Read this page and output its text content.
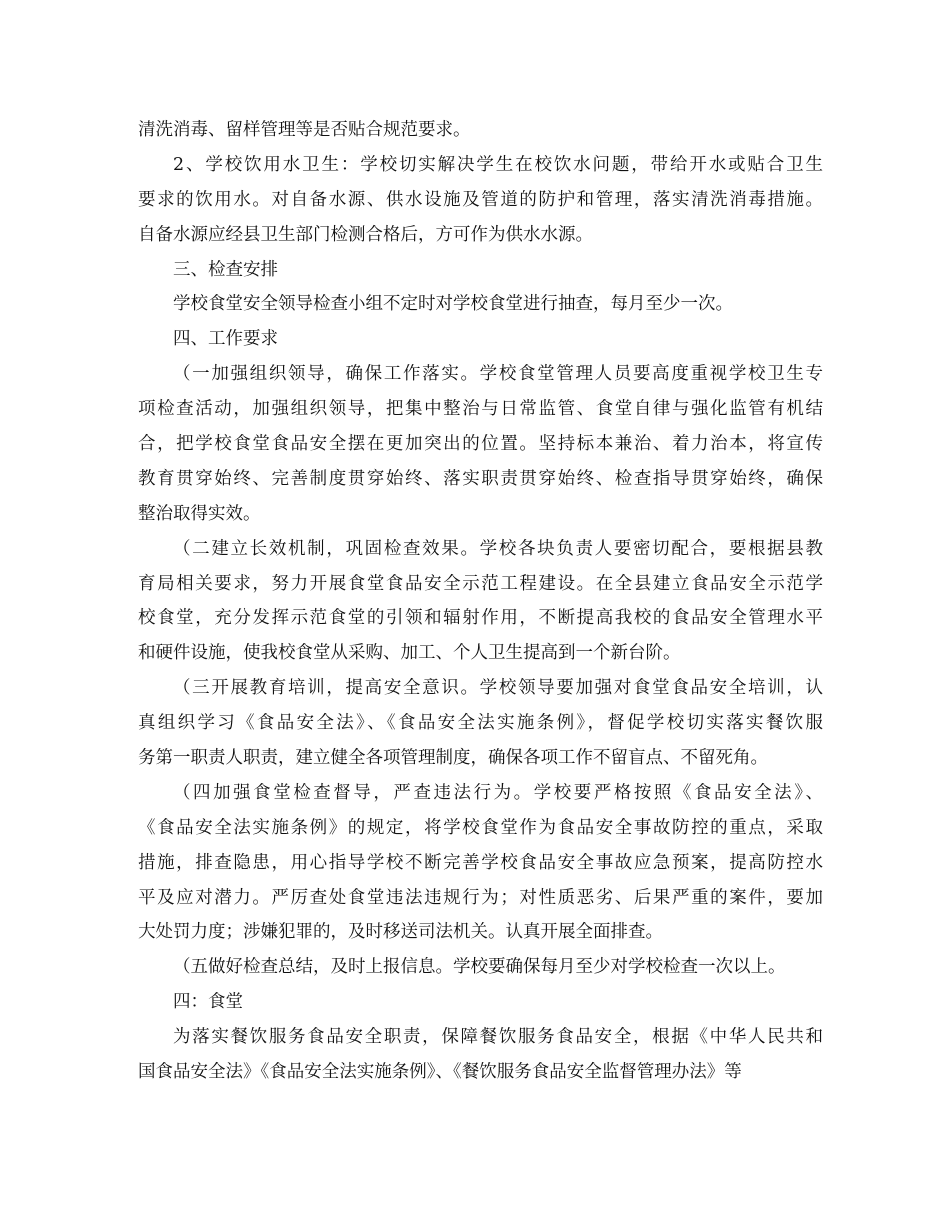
清洗消毒、留样管理等是否贴合规范要求。

2、学校饮用水卫生：学校切实解决学生在校饮水问题，带给开水或贴合卫生
要求的饮用水。对自备水源、供水设施及管道的防护和管理，落实清洗消毒措施。
自备水源应经县卫生部门检测合格后，方可作为供水水源。

三、检查安排

学校食堂安全领导检查小组不定时对学校食堂进行抽查，每月至少一次。

四、工作要求

（一加强组织领导，确保工作落实。学校食堂管理人员要高度重视学校卫生专
项检查活动，加强组织领导，把集中整治与日常监管、食堂自律与强化监管有机结
合，把学校食堂食品安全摆在更加突出的位置。坚持标本兼治、着力治本，将宣传
教育贯穿始终、完善制度贯穿始终、落实职责贯穿始终、检查指导贯穿始终，确保
整治取得实效。

（二建立长效机制，巩固检查效果。学校各块负责人要密切配合，要根据县教
育局相关要求，努力开展食堂食品安全示范工程建设。在全县建立食品安全示范学
校食堂，充分发挥示范食堂的引领和辐射作用，不断提高我校的食品安全管理水平
和硬件设施，使我校食堂从采购、加工、个人卫生提高到一个新台阶。

（三开展教育培训，提高安全意识。学校领导要加强对食堂食品安全培训，认
真组织学习《食品安全法》、《食品安全法实施条例》，督促学校切实落实餐饮服
务第一职责人职责，建立健全各项管理制度，确保各项工作不留盲点、不留死角。

（四加强食堂检查督导，严查违法行为。学校要严格按照《食品安全法》、
《食品安全法实施条例》的规定，将学校食堂作为食品安全事故防控的重点，采取
措施，排查隐患，用心指导学校不断完善学校食品安全事故应急预案，提高防控水
平及应对潜力。严厉查处食堂违法违规行为；对性质恶劣、后果严重的案件，要加
大处罚力度；涉嫌犯罪的，及时移送司法机关。认真开展全面排查。

（五做好检查总结，及时上报信息。学校要确保每月至少对学校检查一次以上。

四：食堂

为落实餐饮服务食品安全职责，保障餐饮服务食品安全，根据《中华人民共和
国食品安全法》《食品安全法实施条例》、《餐饮服务食品安全监督管理办法》等
